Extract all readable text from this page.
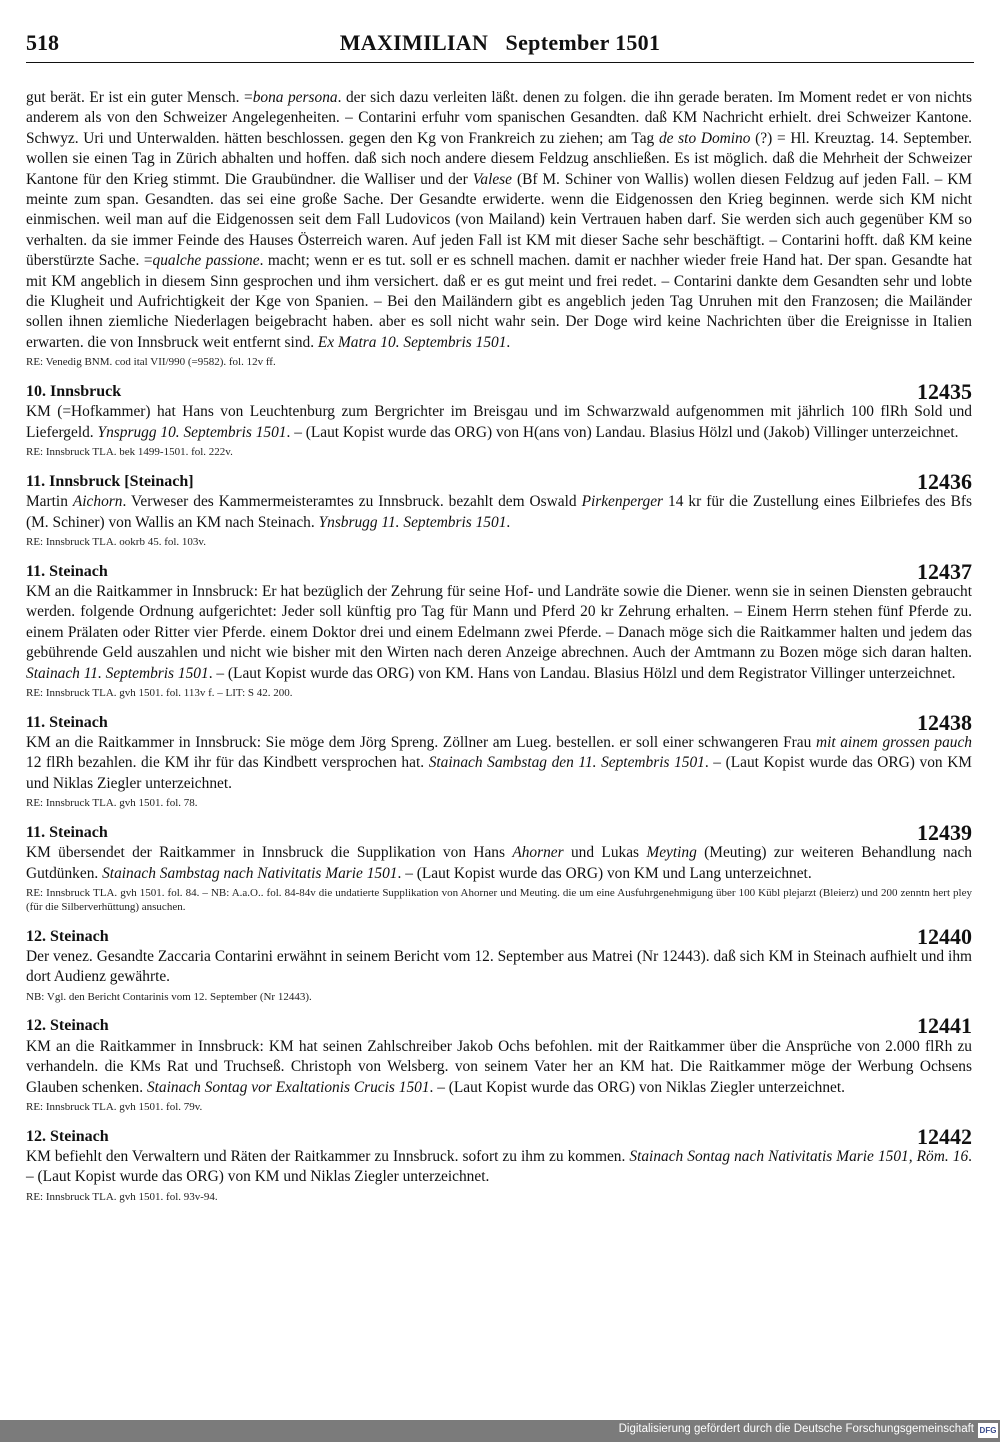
518	MAXIMILIAN   September 1501

gut berät. Er ist ein guter Mensch. =bona persona. der sich dazu verleiten läßt. denen zu folgen. die ihn gerade beraten. Im Moment redet er von nichts anderem als von den Schweizer Angelegenheiten. – Contarini erfuhr vom spanischen Gesandten. daß KM Nachricht erhielt. drei Schweizer Kantone. Schwyz. Uri und Unterwalden. hätten beschlossen. gegen den Kg von Frankreich zu ziehen; am Tag de sto Domino (?) = Hl. Kreuztag. 14. September. wollen sie einen Tag in Zürich abhalten und hoffen. daß sich noch andere diesem Feldzug anschließen. Es ist möglich. daß die Mehrheit der Schweizer Kantone für den Krieg stimmt. Die Graubündner. die Walliser und der Valese (Bf M. Schiner von Wallis) wollen diesen Feldzug auf jeden Fall. – KM meinte zum span. Gesandten. das sei eine große Sache. Der Gesandte erwiderte. wenn die Eidgenossen den Krieg beginnen. werde sich KM nicht einmischen. weil man auf die Eidgenossen seit dem Fall Ludovicos (von Mailand) kein Vertrauen haben darf. Sie werden sich auch gegenüber KM so verhalten. da sie immer Feinde des Hauses Österreich waren. Auf jeden Fall ist KM mit dieser Sache sehr beschäftigt. – Contarini hofft. daß KM keine überstürzte Sache. =qualche passione. macht; wenn er es tut. soll er es schnell machen. damit er nachher wieder freie Hand hat. Der span. Gesandte hat mit KM angeblich in diesem Sinn gesprochen und ihm versichert. daß er es gut meint und frei redet. – Contarini dankte dem Gesandten sehr und lobte die Klugheit und Aufrichtigkeit der Kge von Spanien. – Bei den Mailändern gibt es angeblich jeden Tag Unruhen mit den Franzosen; die Mailänder sollen ihnen ziemliche Niederlagen beigebracht haben. aber es soll nicht wahr sein. Der Doge wird keine Nachrichten über die Ereignisse in Italien erwarten. die von Innsbruck weit entfernt sind. Ex Matra 10. Septembris 1501.

RE: Venedig BNM. cod ital VII/990 (=9582). fol. 12v ff.

10. Innsbruck	12435

KM (=Hofkammer) hat Hans von Leuchtenburg zum Bergrichter im Breisgau und im Schwarzwald aufgenommen mit jährlich 100 flRh Sold und Liefergeld. Ynsprugg 10. Septembris 1501. – (Laut Kopist wurde das ORG) von H(ans von) Landau. Blasius Hölzl und (Jakob) Villinger unterzeichnet.

RE: Innsbruck TLA. bek 1499-1501. fol. 222v.

11. Innsbruck [Steinach]	12436

Martin Aichorn. Verweser des Kammermeisteramtes zu Innsbruck. bezahlt dem Oswald Pirkenperger 14 kr für die Zustellung eines Eilbriefes des Bfs (M. Schiner) von Wallis an KM nach Steinach. Ynsbrugg 11. Septembris 1501.

RE: Innsbruck TLA. ookrb 45. fol. 103v.

11. Steinach	12437

KM an die Raitkammer in Innsbruck: Er hat bezüglich der Zehrung für seine Hof- und Landräte sowie die Diener. wenn sie in seinen Diensten gebraucht werden. folgende Ordnung aufgerichtet: Jeder soll künftig pro Tag für Mann und Pferd 20 kr Zehrung erhalten. – Einem Herrn stehen fünf Pferde zu. einem Prälaten oder Ritter vier Pferde. einem Doktor drei und einem Edelmann zwei Pferde. – Danach möge sich die Raitkammer halten und jedem das gebührende Geld auszahlen und nicht wie bisher mit den Wirten nach deren Anzeige abrechnen. Auch der Amtmann zu Bozen möge sich daran halten. Stainach 11. Septembris 1501. – (Laut Kopist wurde das ORG) von KM. Hans von Landau. Blasius Hölzl und dem Registrator Villinger unterzeichnet.

RE: Innsbruck TLA. gvh 1501. fol. 113v f. – LIT: S 42. 200.

11. Steinach	12438

KM an die Raitkammer in Innsbruck: Sie möge dem Jörg Spreng. Zöllner am Lueg. bestellen. er soll einer schwangeren Frau mit ainem grossen pauch 12 flRh bezahlen. die KM ihr für das Kindbett versprochen hat. Stainach Sambstag den 11. Septembris 1501. – (Laut Kopist wurde das ORG) von KM und Niklas Ziegler unterzeichnet.

RE: Innsbruck TLA. gvh 1501. fol. 78.

11. Steinach	12439

KM übersendet der Raitkammer in Innsbruck die Supplikation von Hans Ahorner und Lukas Meyting (Meuting) zur weiteren Behandlung nach Gutdünken. Stainach Sambstag nach Nativitatis Marie 1501. – (Laut Kopist wurde das ORG) von KM und Lang unterzeichnet.

RE: Innsbruck TLA. gvh 1501. fol. 84. – NB: A.a.O.. fol. 84-84v die undatierte Supplikation von Ahorner und Meuting. die um eine Ausfuhrgenehmigung über 100 Kübl plejarzt (Bleierz) und 200 zenntn hert pley (für die Silberverhüttung) ansuchen.

12. Steinach	12440

Der venez. Gesandte Zaccaria Contarini erwähnt in seinem Bericht vom 12. September aus Matrei (Nr 12443). daß sich KM in Steinach aufhielt und ihm dort Audienz gewährte.

NB: Vgl. den Bericht Contarinis vom 12. September (Nr 12443).

12. Steinach	12441

KM an die Raitkammer in Innsbruck: KM hat seinen Zahlschreiber Jakob Ochs befohlen. mit der Raitkammer über die Ansprüche von 2.000 flRh zu verhandeln. die KMs Rat und Truchseß. Christoph von Welsberg. von seinem Vater her an KM hat. Die Raitkammer möge der Werbung Ochsens Glauben schenken. Stainach Sontag vor Exaltationis Crucis 1501. – (Laut Kopist wurde das ORG) von Niklas Ziegler unterzeichnet.

RE: Innsbruck TLA. gvh 1501. fol. 79v.

12. Steinach	12442

KM befiehlt den Verwaltern und Räten der Raitkammer zu Innsbruck. sofort zu ihm zu kommen. Stainach Sontag nach Nativitatis Marie 1501, Röm. 16. – (Laut Kopist wurde das ORG) von KM und Niklas Ziegler unterzeichnet.

RE: Innsbruck TLA. gvh 1501. fol. 93v-94.

Digitalisierung gefördert durch die Deutsche Forschungsgemeinschaft DFG
